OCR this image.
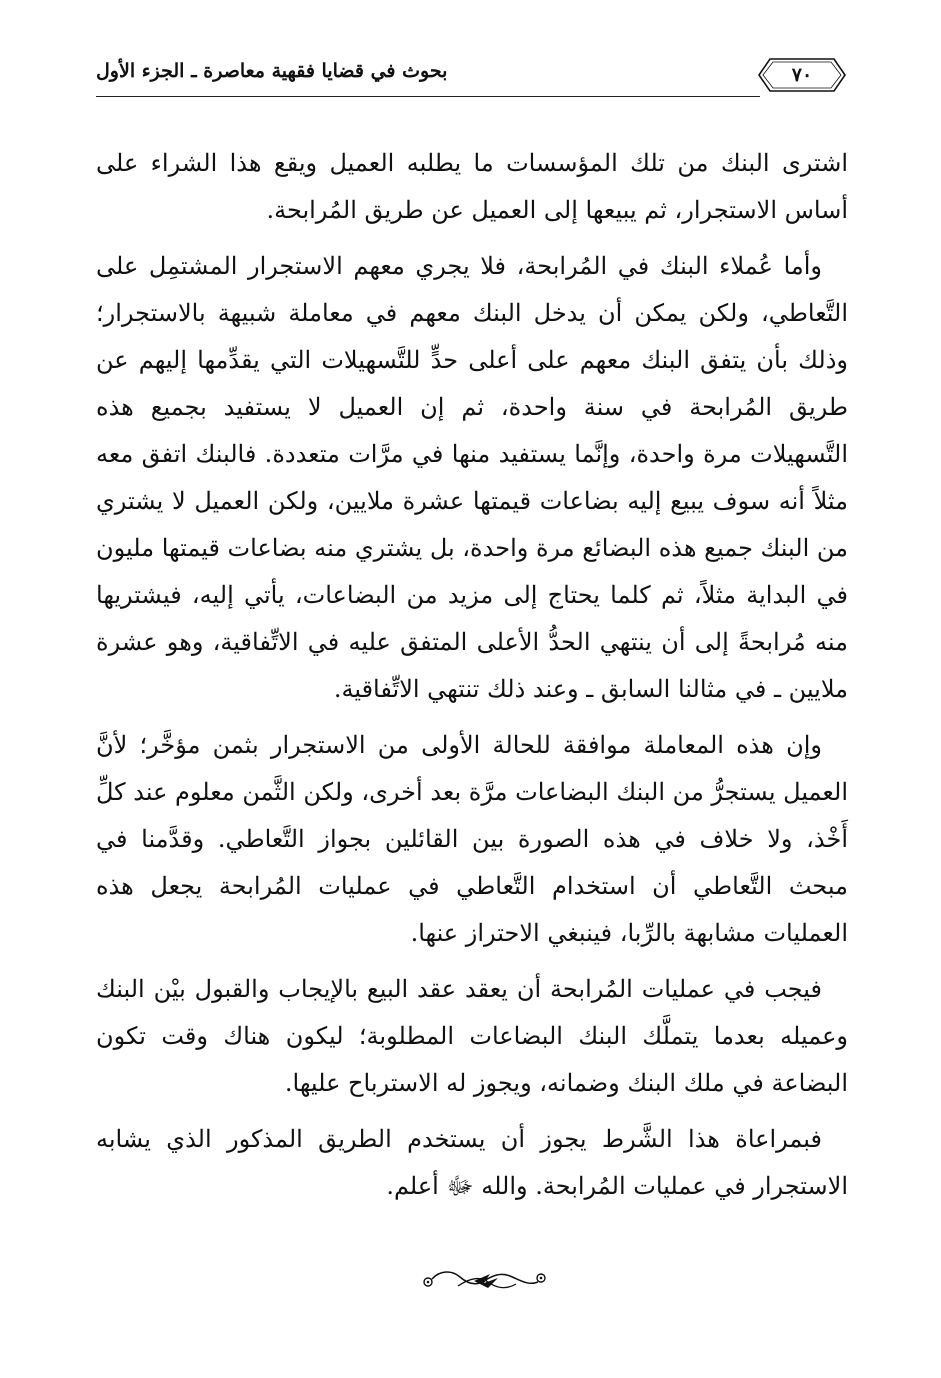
٧٠
بحوث في قضايا فقهية معاصرة ـ الجزء الأول

اشترى البنك من تلك المؤسسات ما يطلبه العميل ويقع هذا الشراء على أساس الاستجرار، ثم يبيعها إلى العميل عن طريق المُرابحة.

وأما عُملاء البنك في المُرابحة، فلا يجري معهم الاستجرار المشتمِل على التَّعاطي، ولكن يمكن أن يدخل البنك معهم في معاملة شبيهة بالاستجرار؛ وذلك بأن يتفق البنك معهم على أعلى حدٍّ للتَّسهيلات التي يقدِّمها إليهم عن طريق المُرابحة في سنة واحدة، ثم إن العميل لا يستفيد بجميع هذه التَّسهيلات مرة واحدة، وإنَّما يستفيد منها في مرَّات متعددة. فالبنك اتفق معه مثلاً أنه سوف يبيع إليه بضاعات قيمتها عشرة ملايين، ولكن العميل لا يشتري من البنك جميع هذه البضائع مرة واحدة، بل يشتري منه بضاعات قيمتها مليون في البداية مثلاً، ثم كلما يحتاج إلى مزيد من البضاعات، يأتي إليه، فيشتريها منه مُرابحةً إلى أن ينتهي الحدُّ الأعلى المتفق عليه في الاتِّفاقية، وهو عشرة ملايين ـ في مثالنا السابق ـ وعند ذلك تنتهي الاتِّفاقية.

وإن هذه المعاملة موافقة للحالة الأولى من الاستجرار بثمن مؤخَّر؛ لأنَّ العميل يستجرُّ من البنك البضاعات مرَّة بعد أخرى، ولكن الثَّمن معلوم عند كلِّ أَخْذ، ولا خلاف في هذه الصورة بين القائلين بجواز التَّعاطي. وقدَّمنا في مبحث التَّعاطي أن استخدام التَّعاطي في عمليات المُرابحة يجعل هذه العمليات مشابهة بالرِّبا، فينبغي الاحتراز عنها.

فيجب في عمليات المُرابحة أن يعقد عقد البيع بالإيجاب والقبول بيْن البنك وعميله بعدما يتملَّك البنك البضاعات المطلوبة؛ ليكون هناك وقت تكون البضاعة في ملك البنك وضمانه، ويجوز له الاسترباح عليها.

فبمراعاة هذا الشَّرط يجوز أن يستخدم الطريق المذكور الذي يشابه الاستجرار في عمليات المُرابحة. والله ﷻ أعلم.
